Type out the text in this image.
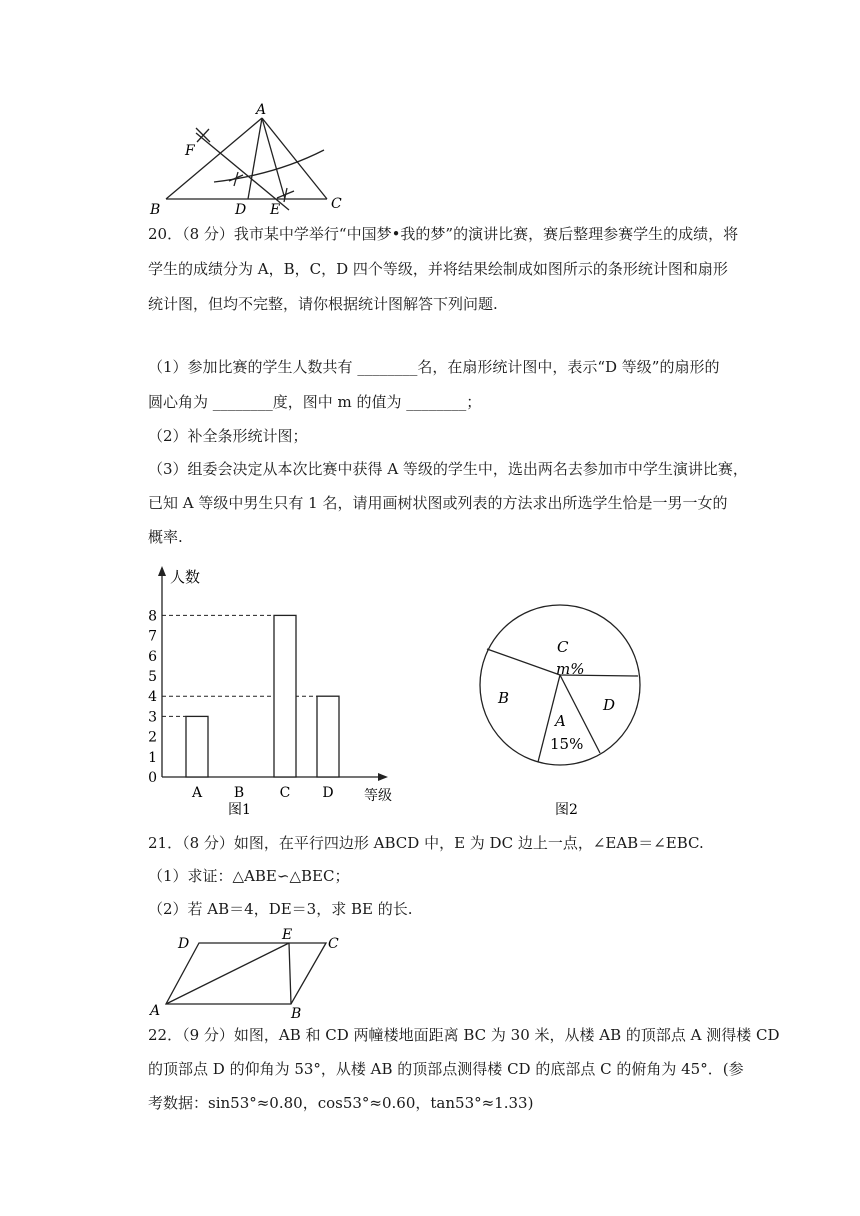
A
F
B	D E	C
20．（8 分）我市某中学举行“中国梦•我的梦”的演讲比赛，赛后整理参赛学生的成绩，将
学生的成绩分为 A，B，C，D 四个等级，并将结果绘制成如图所示的条形统计图和扇形
统计图，但均不完整，请你根据统计图解答下列问题.
（1）参加比赛的学生人数共有 ________名，在扇形统计图中，表示“D 等级”的扇形的
圆心角为 ________度，图中 m 的值为 ________；
（2）补全条形统计图；
（3）组委会决定从本次比赛中获得 A 等级的学生中，选出两名去参加市中学生演讲比赛，
已知 A 等级中男生只有 1 名，请用画树状图或列表的方法求出所选学生恰是一男一女的
概率.
0
1
2
3
4
5
6
7
8
A B	C D
人数
等级
图1
C
m%
D
A
15%
B
图2
21．（8 分）如图，在平行四边形 ABCD 中，E 为 DC 边上一点，∠EAB＝∠EBC.
（1）求证：△ABE∽△BEC；
（2）若 AB＝4，DE＝3，求 BE 的长.
D
E
C
A	B
22．（9 分）如图，AB 和 CD 两幢楼地面距离 BC 为 30 米，从楼 AB 的顶部点 A 测得楼 CD
的顶部点 D 的仰角为 53°，从楼 AB 的顶部点测得楼 CD 的底部点 C 的俯角为 45°．(参
考数据：sin53°≈0.80，cos53°≈0.60，tan53°≈1.33)
